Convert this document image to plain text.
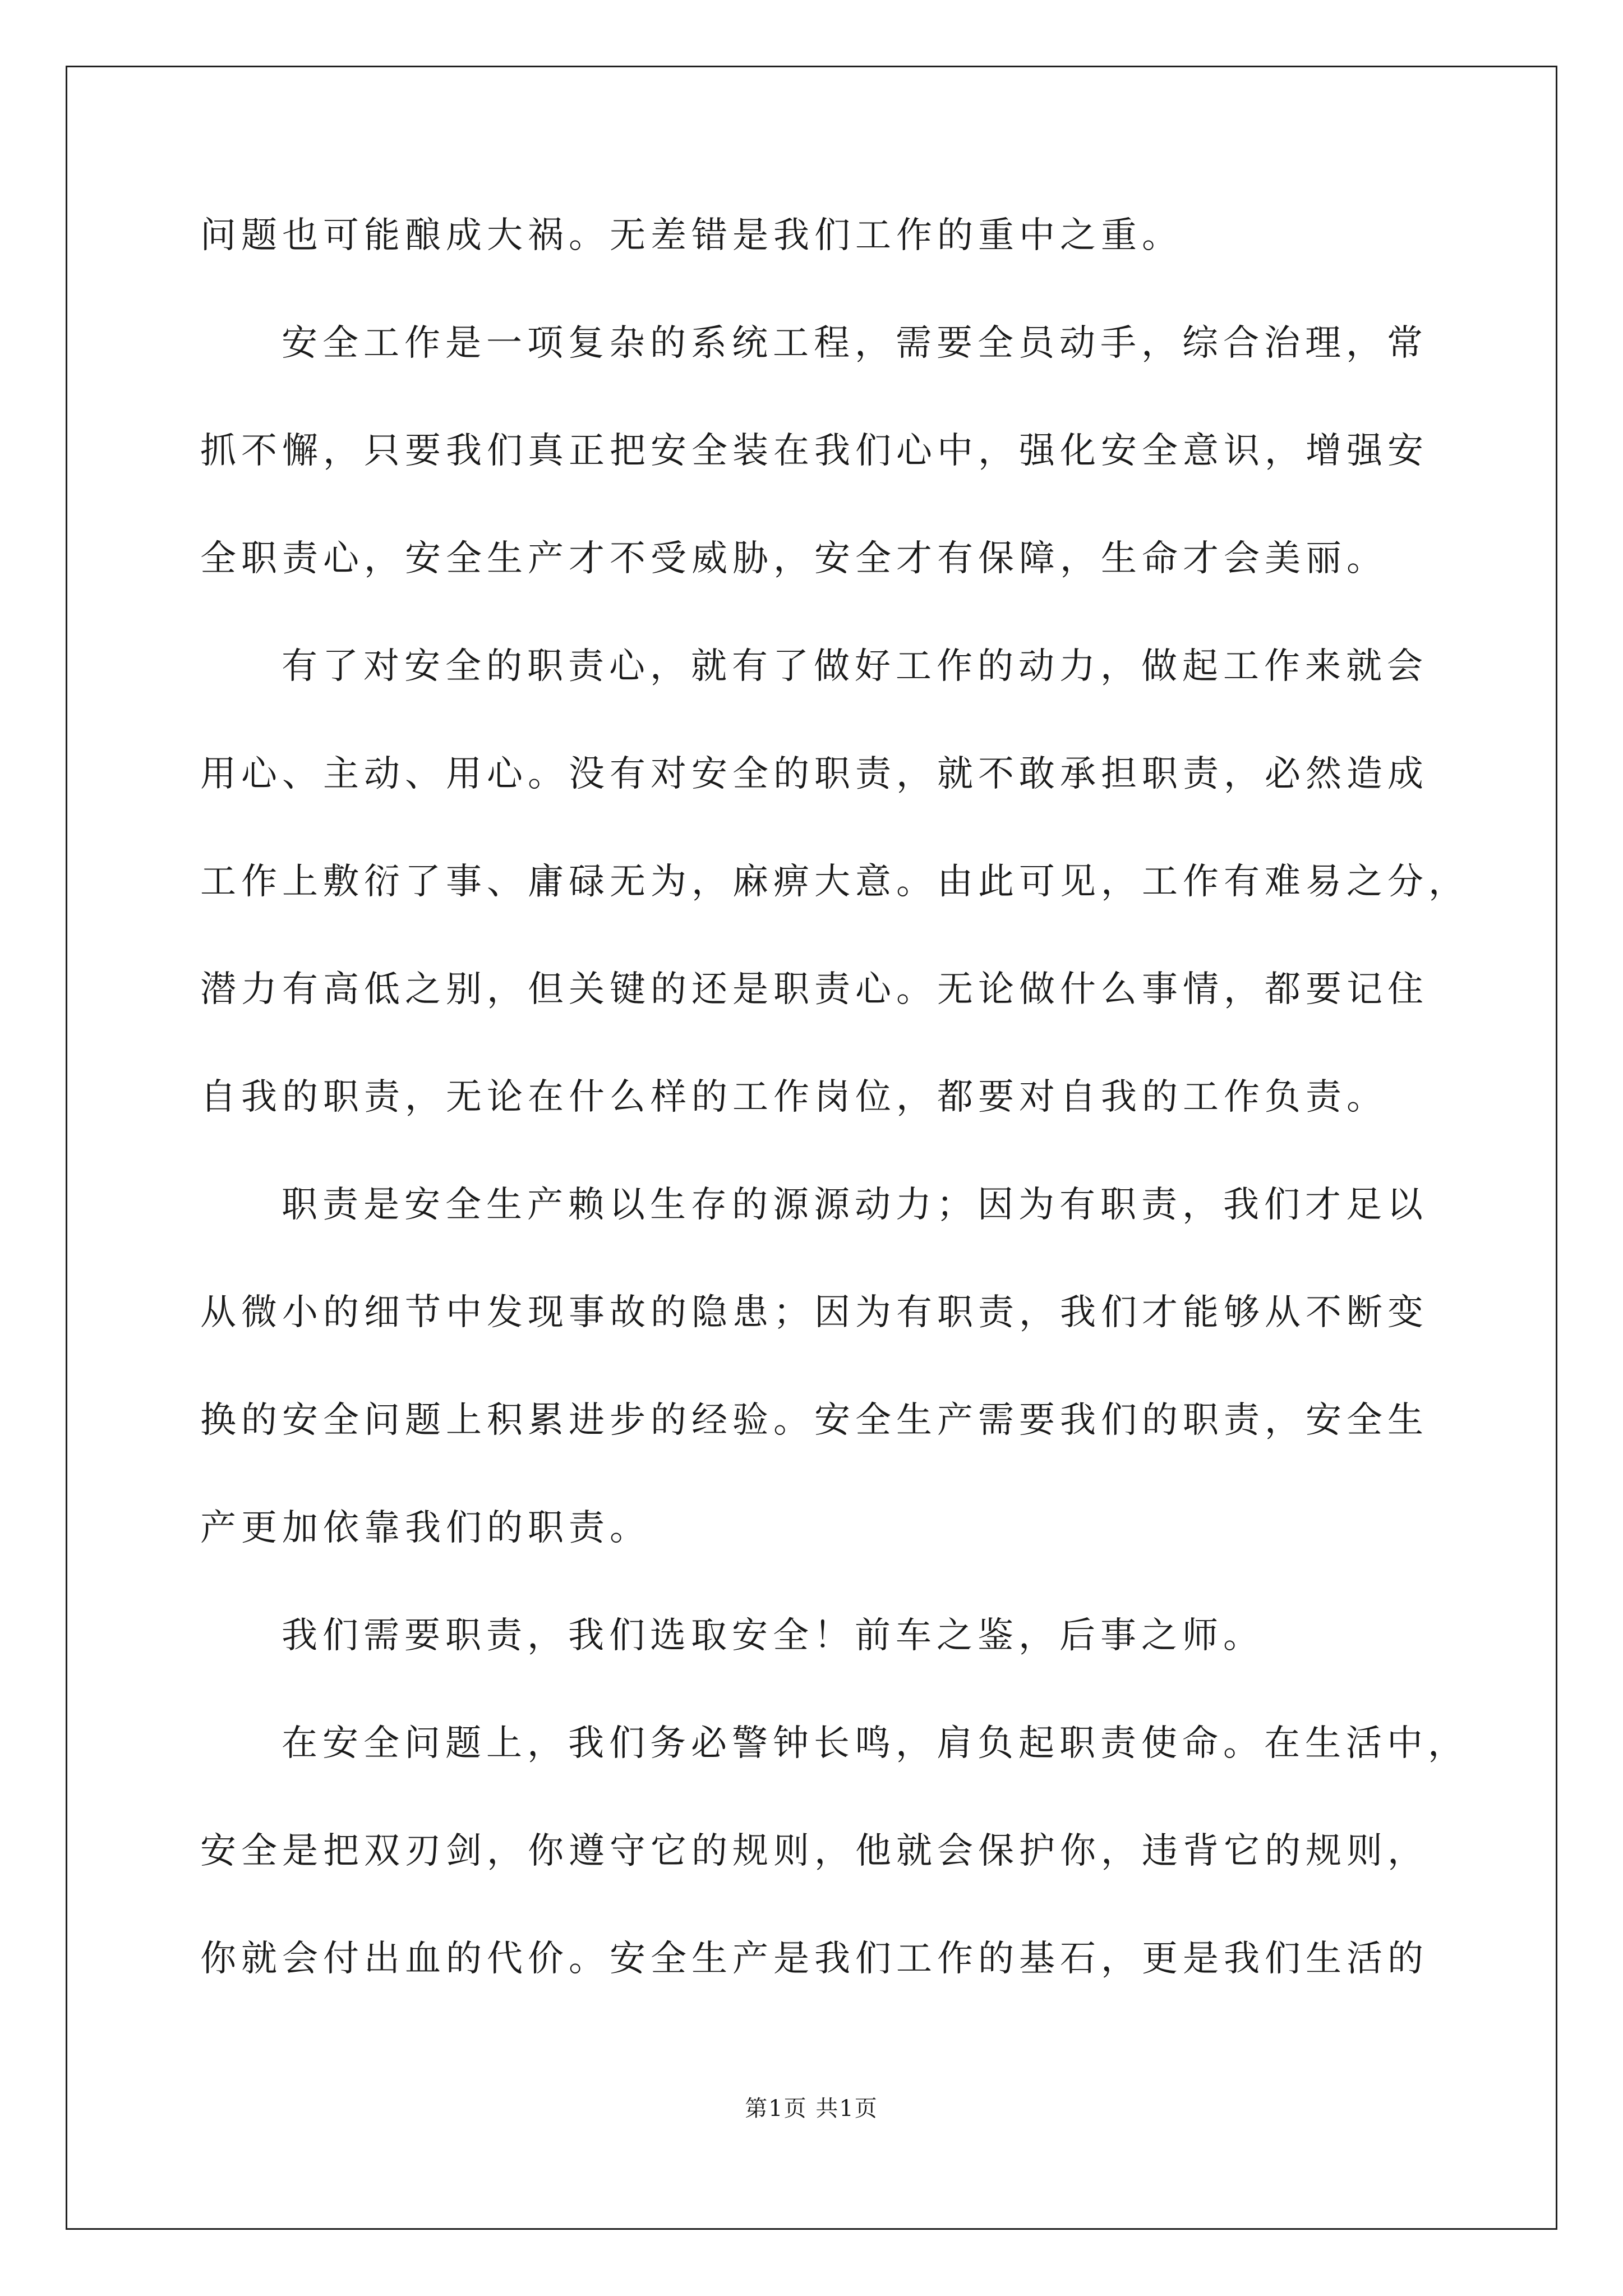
问题也可能酿成大祸。无差错是我们工作的重中之重。
安全工作是一项复杂的系统工程，需要全员动手，综合治理，常
抓不懈，只要我们真正把安全装在我们心中，强化安全意识，增强安
全职责心，安全生产才不受威胁，安全才有保障，生命才会美丽。
有了对安全的职责心，就有了做好工作的动力，做起工作来就会
用心、主动、用心。没有对安全的职责，就不敢承担职责，必然造成
工作上敷衍了事、庸碌无为，麻痹大意。由此可见，工作有难易之分，
潜力有高低之别，但关键的还是职责心。无论做什么事情，都要记住
自我的职责，无论在什么样的工作岗位，都要对自我的工作负责。
职责是安全生产赖以生存的源源动力；因为有职责，我们才足以
从微小的细节中发现事故的隐患；因为有职责，我们才能够从不断变
换的安全问题上积累进步的经验。安全生产需要我们的职责，安全生
产更加依靠我们的职责。
我们需要职责，我们选取安全！前车之鉴，后事之师。
在安全问题上，我们务必警钟长鸣，肩负起职责使命。在生活中，
安全是把双刃剑，你遵守它的规则，他就会保护你，违背它的规则，
你就会付出血的代价。安全生产是我们工作的基石，更是我们生活的
第1页 共1页
